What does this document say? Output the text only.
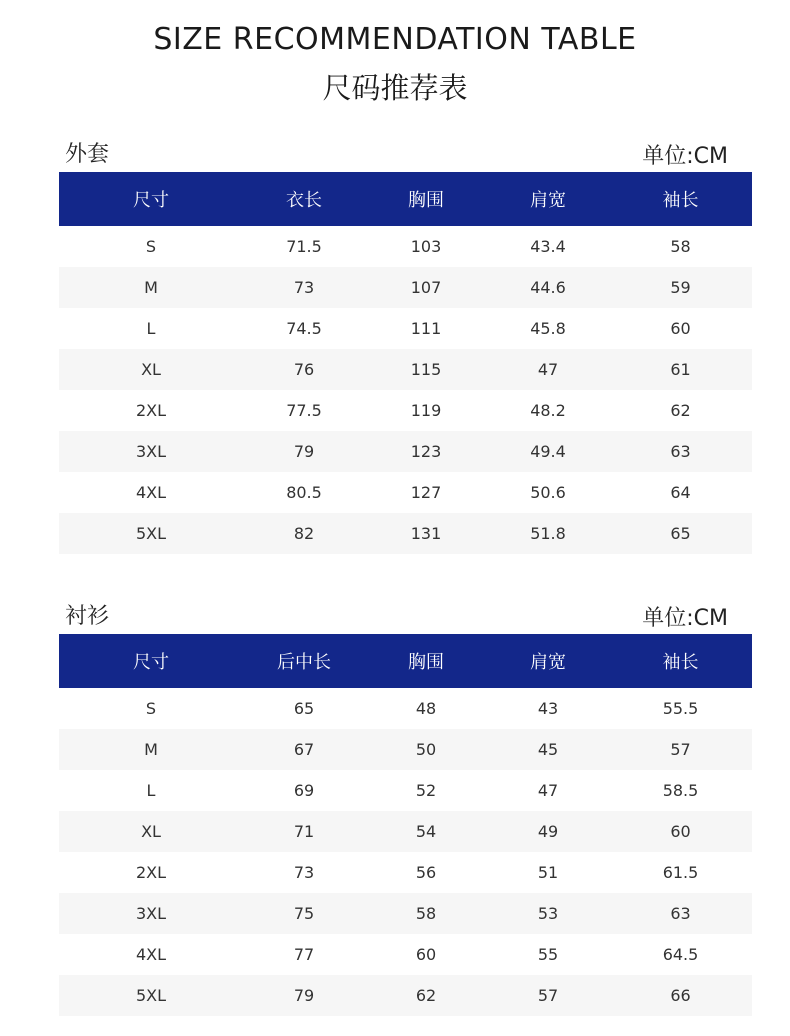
SIZE RECOMMENDATION TABLE
尺码推荐表
外套	单位:CM
尺寸	衣长	胸围	肩宽	袖长
S	71.5	103	43.4	58
M	73	107	44.6	59
L	74.5	111	45.8	60
XL	76	115	47	61
2XL	77.5	119	48.2	62
3XL	79	123	49.4	63
4XL	80.5	127	50.6	64
5XL	82	131	51.8	65
衬衫	单位:CM
尺寸	后中长	胸围	肩宽	袖长
S	65	48	43	55.5
M	67	50	45	57
L	69	52	47	58.5
XL	71	54	49	60
2XL	73	56	51	61.5
3XL	75	58	53	63
4XL	77	60	55	64.5
5XL	79	62	57	66
